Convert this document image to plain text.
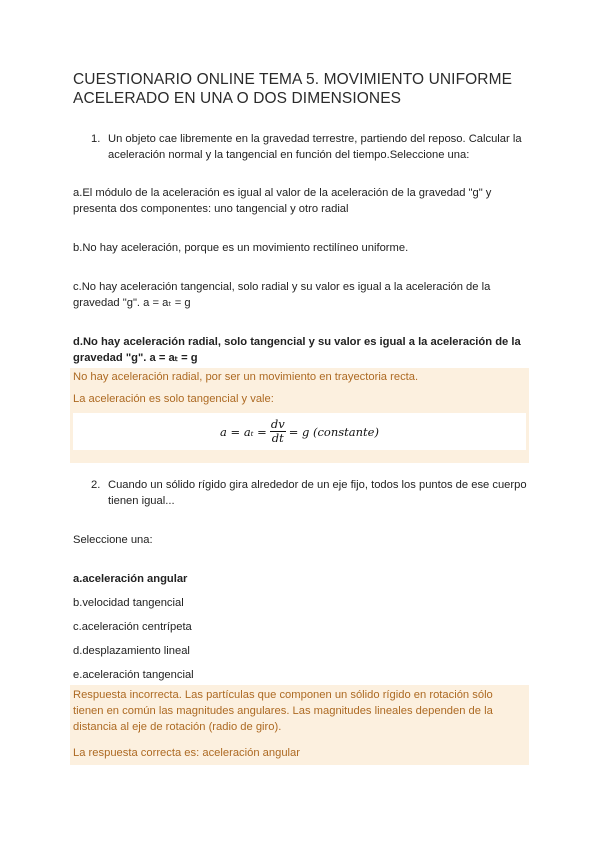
CUESTIONARIO ONLINE TEMA 5. MOVIMIENTO UNIFORME ACELERADO EN UNA O DOS DIMENSIONES
1. Un objeto cae libremente en la gravedad terrestre, partiendo del reposo. Calcular la aceleración normal y la tangencial en función del tiempo.Seleccione una:
a.El módulo de la aceleración es igual al valor de la aceleración de la gravedad "g" y presenta dos componentes: uno tangencial y otro radial
b.No hay aceleración, porque es un movimiento rectilíneo uniforme.
c.No hay aceleración tangencial, solo radial y su valor es igual a la aceleración de la gravedad "g". a = aₜ = g
d.No hay aceleración radial, solo tangencial y su valor es igual a la aceleración de la gravedad "g". a = aₜ = g
No hay aceleración radial, por ser un movimiento en trayectoria recta.
La aceleración es solo tangencial y vale:
$a = a_t = \frac{dv}{dt} = g$ (constante)
2. Cuando un sólido rígido gira alrededor de un eje fijo, todos los puntos de ese cuerpo tienen igual...
Seleccione una:
a.aceleración angular
b.velocidad tangencial
c.aceleración centrípeta
d.desplazamiento lineal
e.aceleración tangencial
Respuesta incorrecta. Las partículas que componen un sólido rígido en rotación sólo
tienen en común las magnitudes angulares. Las magnitudes lineales dependen de la
distancia al eje de rotación (radio de giro).
La respuesta correcta es: aceleración angular
